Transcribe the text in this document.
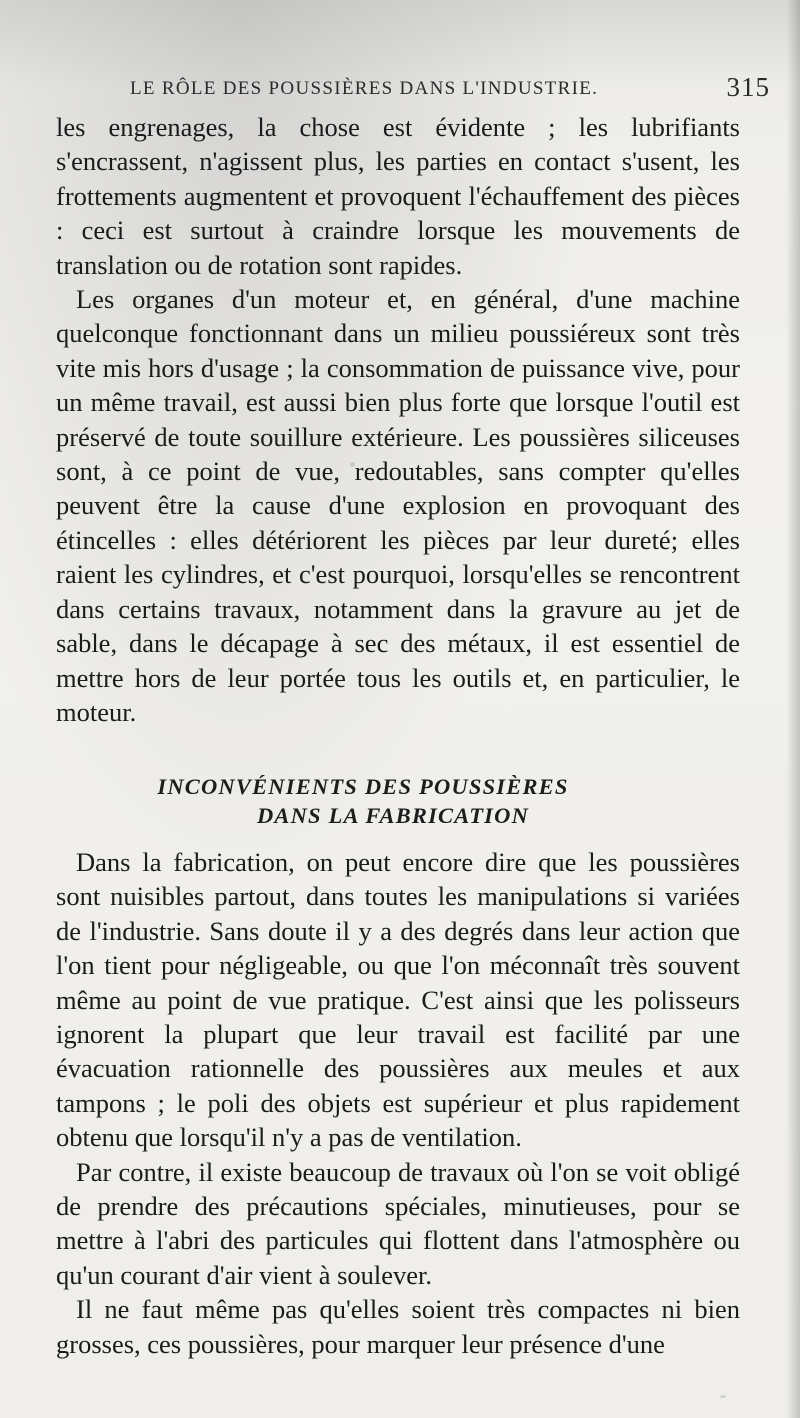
LE RÔLE DES POUSSIÈRES DANS L'INDUSTRIE.	315

les engrenages, la chose est évidente ; les lubrifiants s'encrassent, n'agissent plus, les parties en contact s'usent, les frottements augmentent et provoquent l'échauffement des pièces : ceci est surtout à craindre lorsque les mouvements de translation ou de rotation sont rapides.

Les organes d'un moteur et, en général, d'une machine quelconque fonctionnant dans un milieu poussiéreux sont très vite mis hors d'usage ; la consommation de puissance vive, pour un même travail, est aussi bien plus forte que lorsque l'outil est préservé de toute souillure extérieure. Les poussières siliceuses sont, à ce point de vue, redoutables, sans compter qu'elles peuvent être la cause d'une explosion en provoquant des étincelles : elles détériorent les pièces par leur dureté; elles raient les cylindres, et c'est pourquoi, lorsqu'elles se rencontrent dans certains travaux, notamment dans la gravure au jet de sable, dans le décapage à sec des métaux, il est essentiel de mettre hors de leur portée tous les outils et, en particulier, le moteur.

INCONVÉNIENTS DES POUSSIÈRES
DANS LA FABRICATION

Dans la fabrication, on peut encore dire que les poussières sont nuisibles partout, dans toutes les manipulations si variées de l'industrie. Sans doute il y a des degrés dans leur action que l'on tient pour négligeable, ou que l'on méconnaît très souvent même au point de vue pratique. C'est ainsi que les polisseurs ignorent la plupart que leur travail est facilité par une évacuation rationnelle des poussières aux meules et aux tampons ; le poli des objets est supérieur et plus rapidement obtenu que lorsqu'il n'y a pas de ventilation.

Par contre, il existe beaucoup de travaux où l'on se voit obligé de prendre des précautions spéciales, minutieuses, pour se mettre à l'abri des particules qui flottent dans l'atmosphère ou qu'un courant d'air vient à soulever.

Il ne faut même pas qu'elles soient très compactes ni bien grosses, ces poussières, pour marquer leur présence d'une
